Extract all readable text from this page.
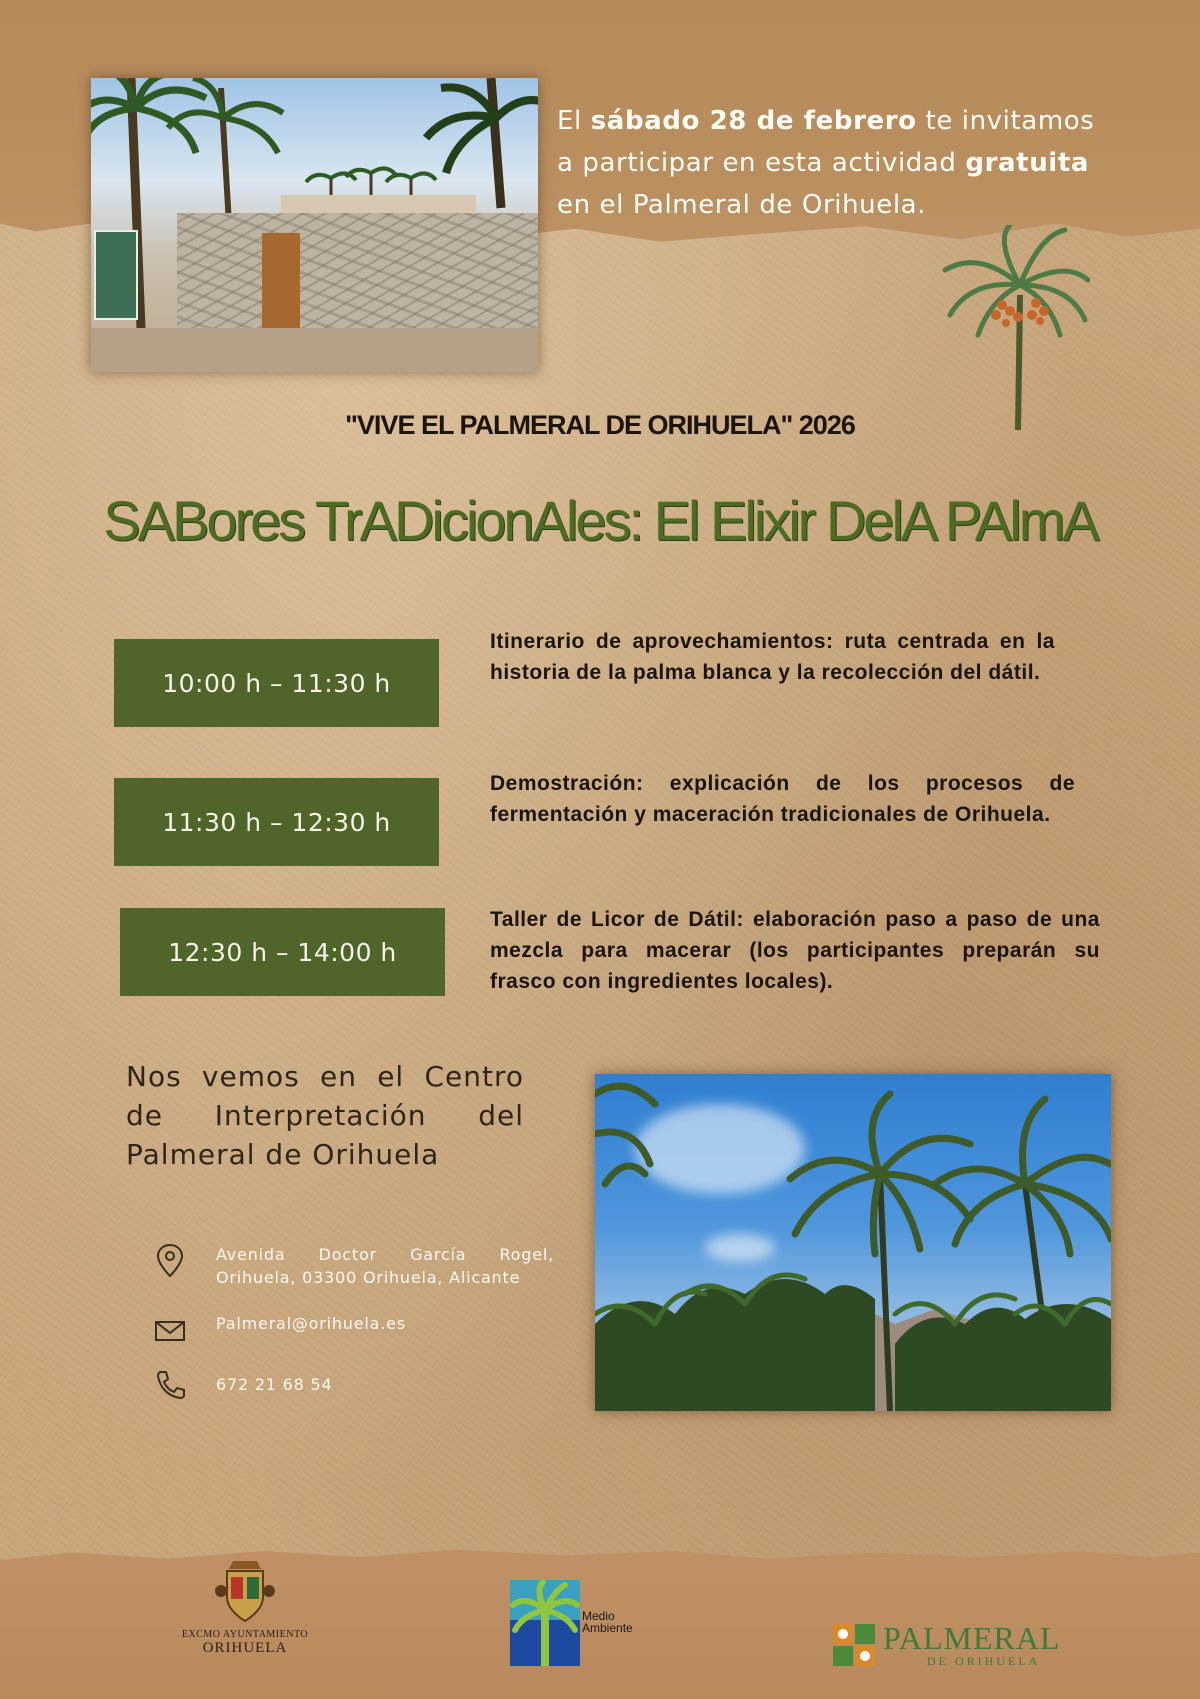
El sábado 28 de febrero te invitamos
a participar en esta actividad gratuita
en el Palmeral de Orihuela.
"VIVE EL PALMERAL DE ORIHUELA" 2026
SABores TrADicionAles: El Elixir DelA PAlmA
10:00 h – 11:30 h
Itinerario de aprovechamientos: ruta centrada en la historia de la palma blanca y la recolección del dátil.
11:30 h – 12:30 h
Demostración: explicación de los procesos de fermentación y maceración tradicionales de Orihuela.
12:30 h – 14:00 h
Taller de Licor de Dátil: elaboración paso a paso de una mezcla para macerar (los participantes preparán su frasco con ingredientes locales).
Nos vemos en el Centro de Interpretación del Palmeral de Orihuela
Avenida Doctor García Rogel,
Orihuela, 03300 Orihuela, Alicante
Palmeral@orihuela.es
672 21 68 54
EXCMO AYUNTAMIENTO
ORIHUELA
Medio
Ambiente	PALMERAL
DE ORIHUELA
